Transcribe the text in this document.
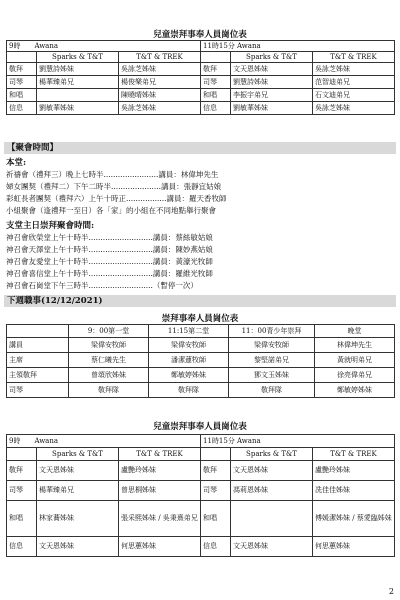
兒童崇拜事奉人員崗位表
9時　　Awana			11時15分 Awana		
	Sparks & T&T	T&T & TREK		Sparks & T&T	T&T & TREK
敬拜	劉慧詩姊妹	吳詠芝姊妹	敬拜	文天恩姊妹	吳詠芝姊妹
司琴	楊華臻弟兄	楊俊樂弟兄	司琴	劉慧詩姊妹	范智迪弟兄
和唱		陳曉晴姊妹	和唱	李振宇弟兄	石文迪弟兄
信息	劉敏華姊妹	吳詠芝姊妹	信息	劉敏華姊妹	吳詠芝姊妹
【聚會時間】
本堂:
祈禱會（禮拜三）晚上七時半.......................講員：林偉坤先生
婦女團契（禮拜二）下午二時半.....................講員：張靜宜姑娘
彩虹長者團契（禮拜六）上午十時正.................講員：羅天香牧師
小組聚會（逢禮拜一至日）各「家」的小組在不同地點舉行聚會
支堂主日崇拜聚會時間:
神召會欣榮堂上午十時半...........................講員：蔡絲敏姑娘
神召會天澤堂上午十時半...........................講員：陳妙燕姑娘
神召會友愛堂上午十時半...........................講員：黃濠光牧師
神召會喜信堂上午十時半...........................講員：羅維光牧師
神召會石崗堂下午三時半...........................（暫停一次）
下週職事(12/12/2021)
崇拜事奉人員崗位表
	9：00第一堂	11:15第二堂	11：00青少年崇拜	晚堂
講員	梁偉安牧師	梁偉安牧師	梁偉安牧師	林偉坤先生
主席	蔡仁曦先生	潘潔蓮牧師	黎堅諾弟兄	黃就明弟兄
主領敬拜	曾頌欣姊妹	鄭敏婷姊妹	鄧文玉姊妹	徐亮偉弟兄
司琴	敬拜隊	敬拜隊	敬拜隊	鄭敏婷姊妹
兒童崇拜事奉人員崗位表
9時　　Awana			11時15分 Awana		
	Sparks & T&T	T&T & TREK		Sparks & T&T	T&T & TREK
敬拜	文天恩姊妹	盧艷玲姊妹	敬拜	文天恩姊妹	盧艷玲姊妹
司琴	楊華臻弟兄	曾思桐姊妹	司琴	馮莉恩姊妹	冼佳佳姊妹
和唱	林家蕎姊妹	張采熙姊妹 / 吳秉熹弟兄	和唱		傅媛潔姊妹 / 蔡愛臨姊妹
信息	文天恩姊妹	何思蕙姊妹	信息	文天恩姊妹	何思蕙姊妹
2
